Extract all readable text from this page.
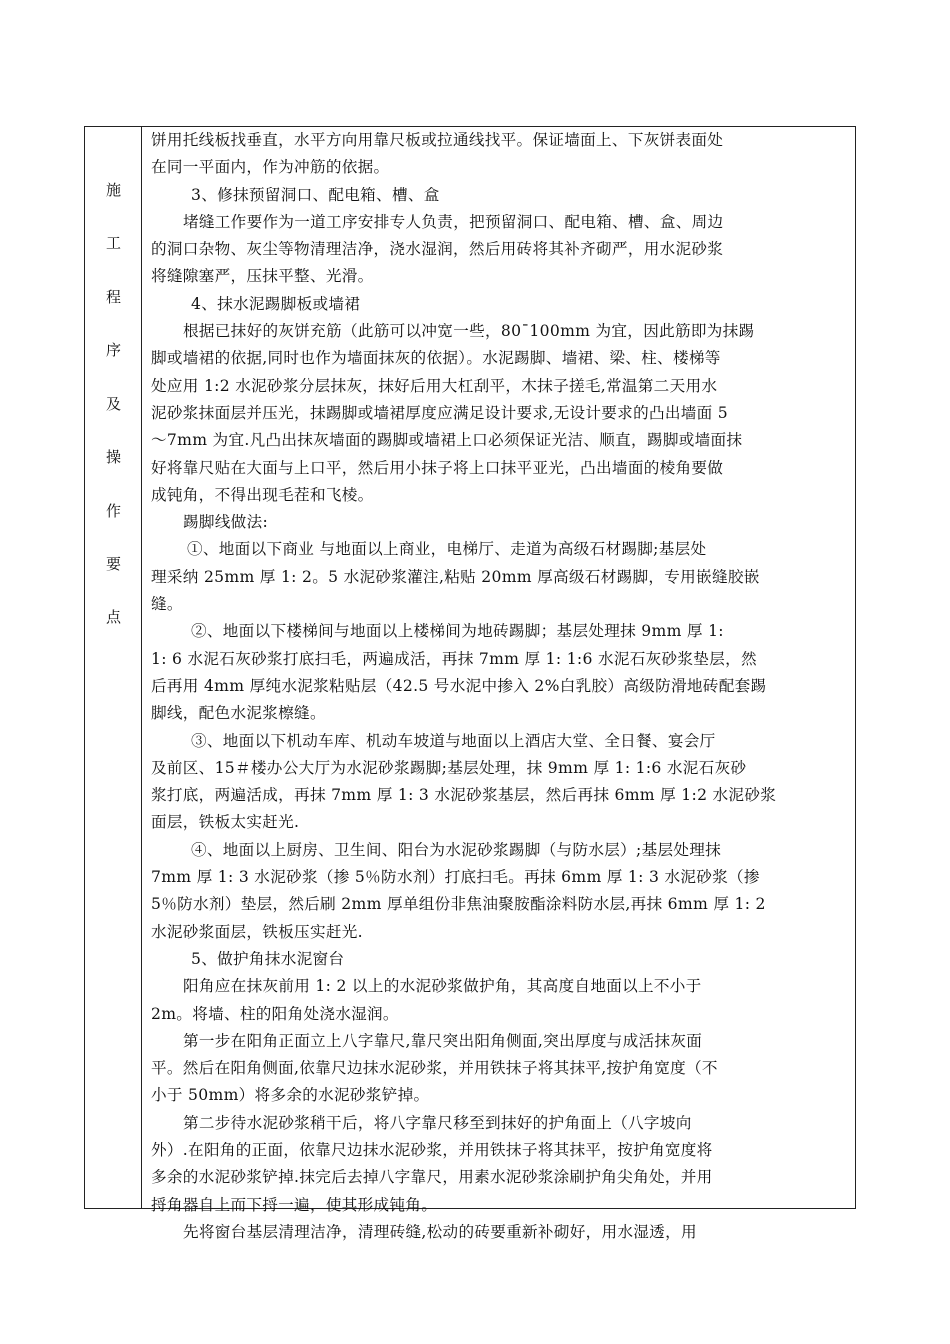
施
工
程
序
及
操
作
要
点
饼用托线板找垂直，水平方向用靠尺板或拉通线找平。保证墙面上、下灰饼表面处
在同一平面内，作为冲筋的依据。
3、修抹预留洞口、配电箱、槽、盒
堵缝工作要作为一道工序安排专人负责，把预留洞口、配电箱、槽、盒、周边
的洞口杂物、灰尘等物清理洁净，浇水湿润，然后用砖将其补齐砌严，用水泥砂浆
将缝隙塞严，压抹平整、光滑。
4、抹水泥踢脚板或墙裙
根据已抹好的灰饼充筋（此筋可以冲宽一些，80¯100mm 为宜，因此筋即为抹踢
脚或墙裙的依据,同时也作为墙面抹灰的依据）。水泥踢脚、墙裙、梁、柱、楼梯等
处应用 1:2 水泥砂浆分层抹灰，抹好后用大杠刮平，木抹子搓毛,常温第二天用水
泥砂浆抹面层并压光，抹踢脚或墙裙厚度应满足设计要求,无设计要求的凸出墙面 5
～7mm 为宜.凡凸出抹灰墙面的踢脚或墙裙上口必须保证光洁、顺直，踢脚或墙面抹
好将靠尺贴在大面与上口平，然后用小抹子将上口抹平亚光，凸出墙面的棱角要做
成钝角，不得出现毛茬和飞棱。
踢脚线做法:
①、地面以下商业 与地面以上商业，电梯厅、走道为高级石材踢脚;基层处
理采纳 25mm 厚 1: 2。5 水泥砂浆灌注,粘贴 20mm 厚高级石材踢脚，专用嵌缝胶嵌
缝。
②、地面以下楼梯间与地面以上楼梯间为地砖踢脚；基层处理抹 9mm 厚 1:
1: 6 水泥石灰砂浆打底扫毛，两遍成活，再抹 7mm 厚 1: 1:6 水泥石灰砂浆垫层，然
后再用 4mm 厚纯水泥浆粘贴层（42.5 号水泥中掺入 2%白乳胶）高级防滑地砖配套踢
脚线，配色水泥浆檫缝。
③、地面以下机动车库、机动车坡道与地面以上酒店大堂、全日餐、宴会厅
及前区、15＃楼办公大厅为水泥砂浆踢脚;基层处理，抹 9mm 厚 1: 1:6 水泥石灰砂
浆打底，两遍活成，再抹 7mm 厚 1: 3 水泥砂浆基层，然后再抹 6mm 厚 1:2 水泥砂浆
面层，铁板太实赶光.
④、地面以上厨房、卫生间、阳台为水泥砂浆踢脚（与防水层）;基层处理抹
7mm 厚 1: 3 水泥砂浆（掺 5％防水剂）打底扫毛。再抹 6mm 厚 1: 3 水泥砂浆（掺
5％防水剂）垫层，然后刷 2mm 厚单组份非焦油聚胺酯涂料防水层,再抹 6mm 厚 1: 2
水泥砂浆面层，铁板压实赶光.
5、做护角抹水泥窗台
阳角应在抹灰前用 1: 2 以上的水泥砂浆做护角，其高度自地面以上不小于
2m。将墙、柱的阳角处浇水湿润。
第一步在阳角正面立上八字靠尺,靠尺突出阳角侧面,突出厚度与成活抹灰面
平。然后在阳角侧面,依靠尺边抹水泥砂浆，并用铁抹子将其抹平,按护角宽度（不
小于 50mm）将多余的水泥砂浆铲掉。
第二步待水泥砂浆稍干后，将八字靠尺移至到抹好的护角面上（八字坡向
外）.在阳角的正面，依靠尺边抹水泥砂浆，并用铁抹子将其抹平，按护角宽度将
多余的水泥砂浆铲掉.抹完后去掉八字靠尺，用素水泥砂浆涂刷护角尖角处，并用
捋角器自上而下捋一遍，使其形成钝角。
先将窗台基层清理洁净，清理砖缝,松动的砖要重新补砌好，用水湿透，用
